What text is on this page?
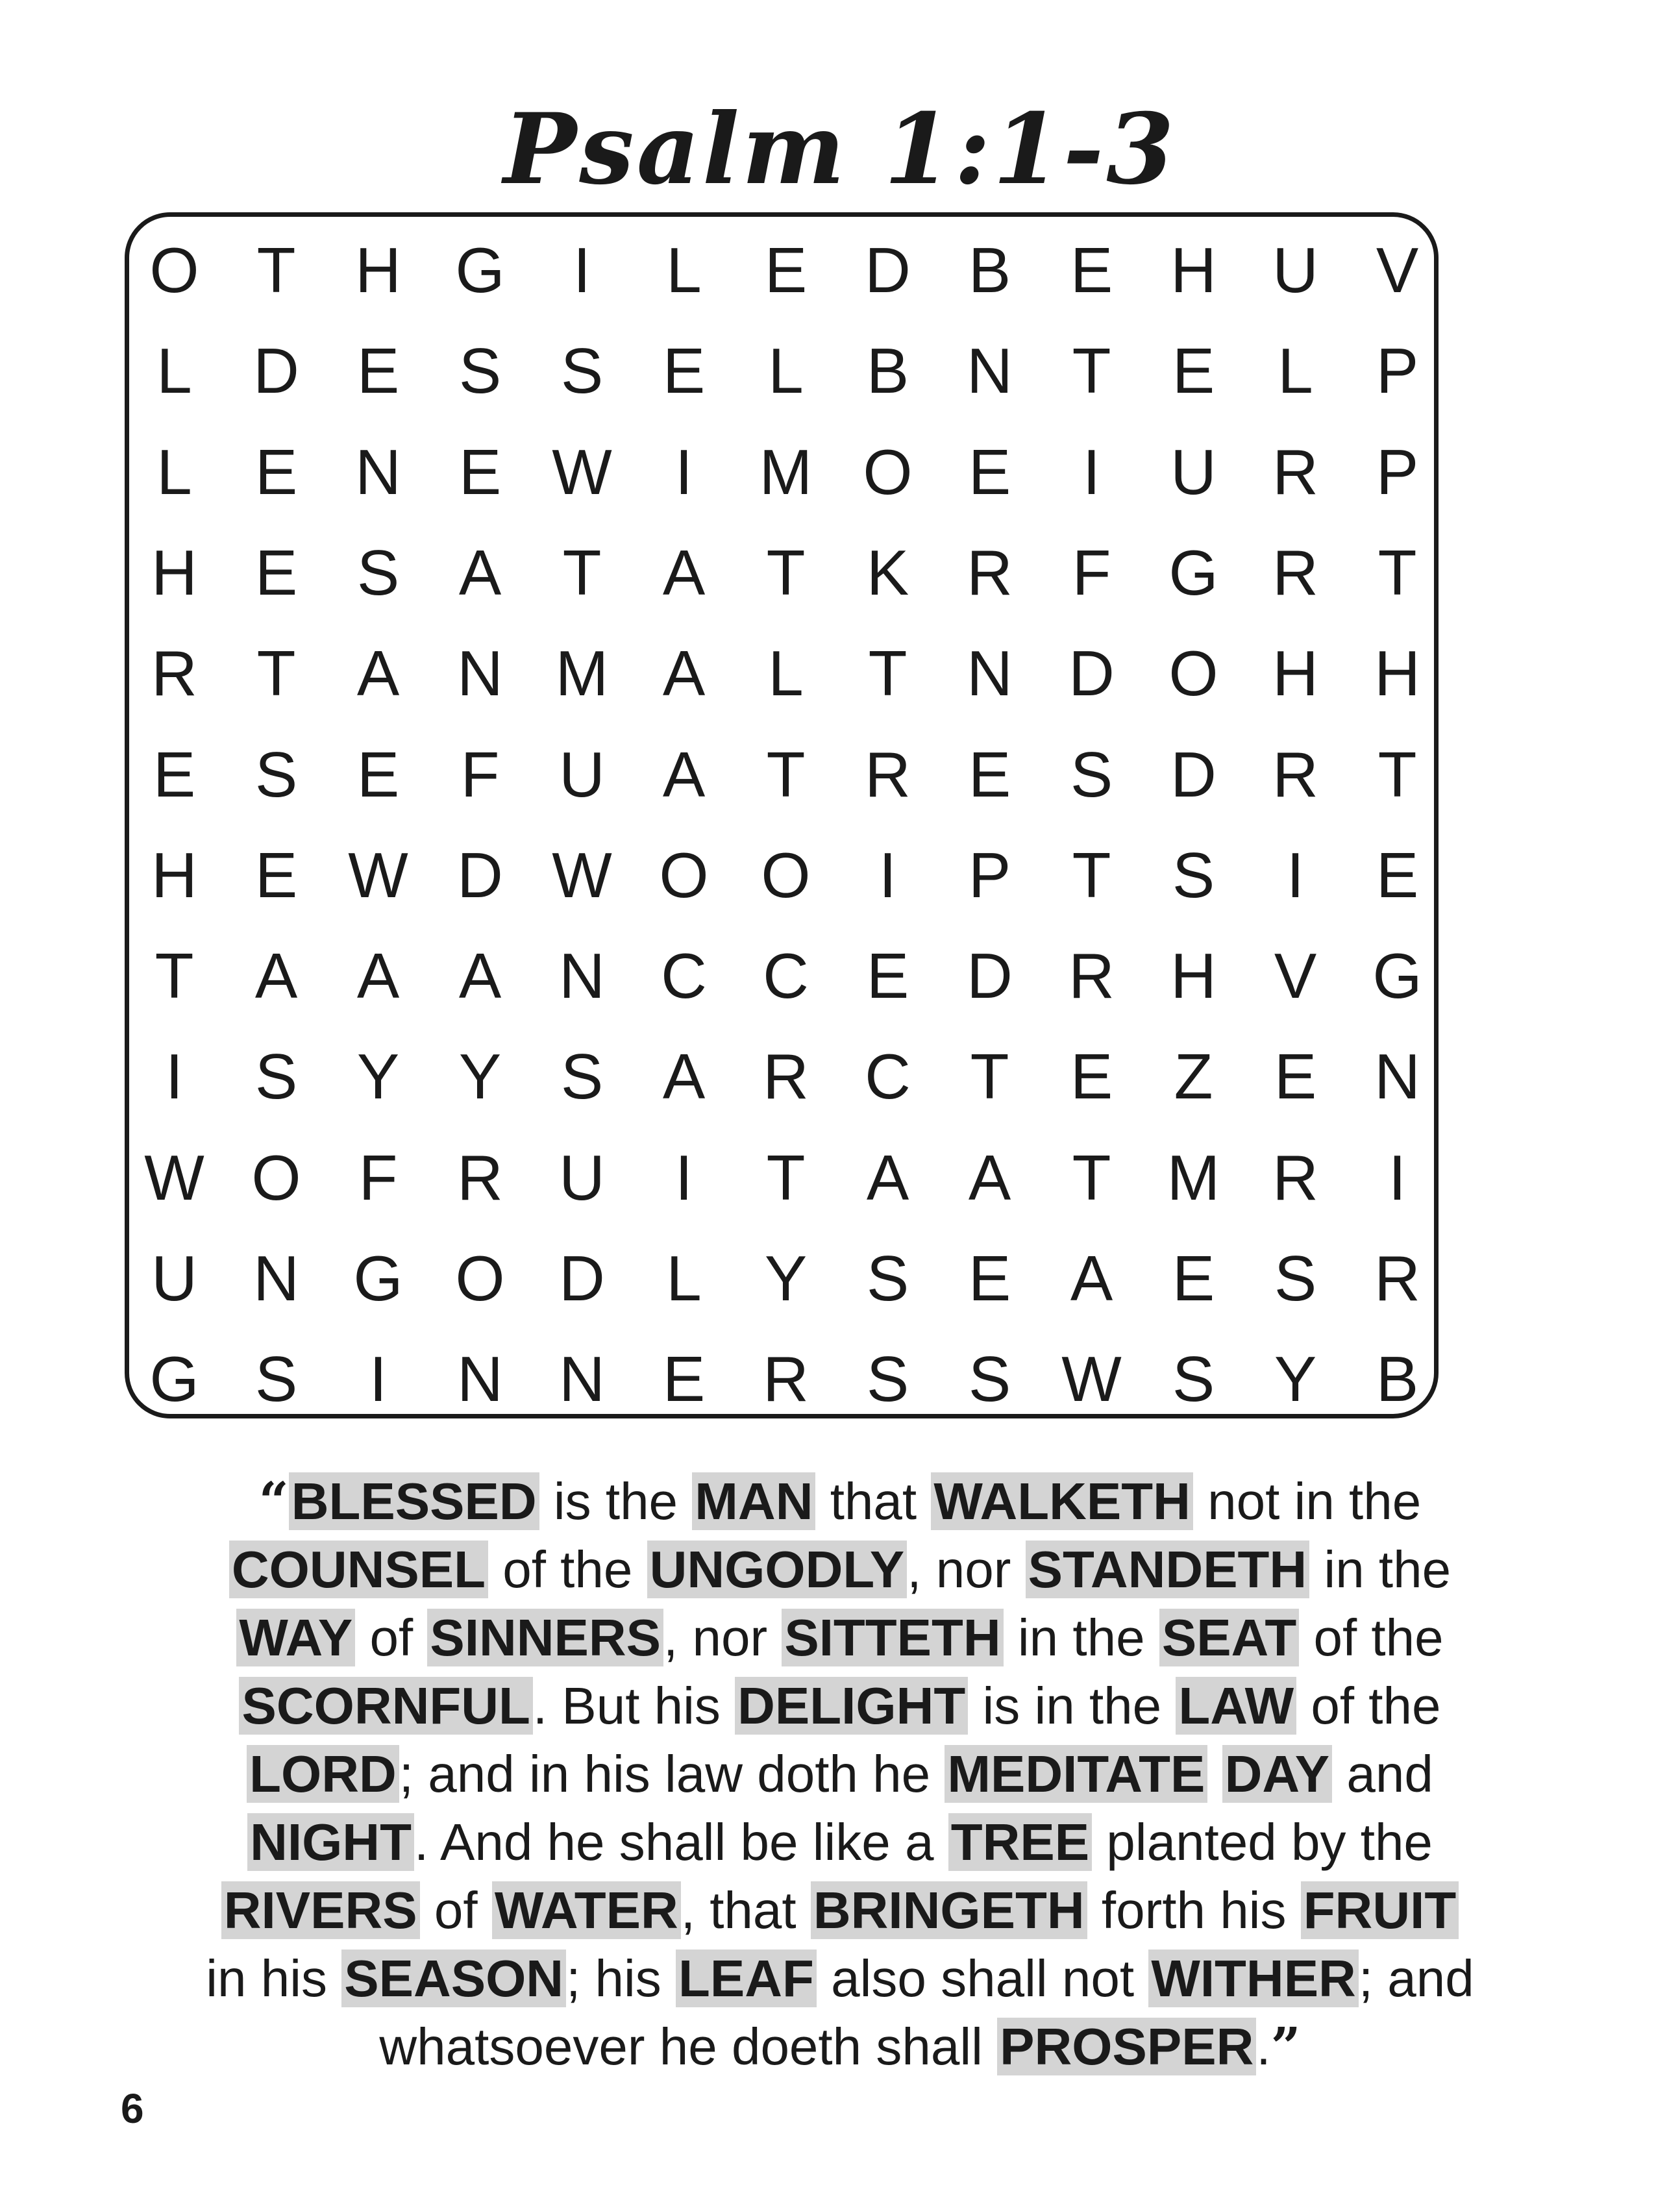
Psalm 1:1-3
O T H G	I	L E D B E H U V
L D E S S E L B N T E L P
L E N E W I	M O E	I	U R P
H E S A T A T K R F G R T
R T A N M A L	T N D O H H
E S E F U A T R E S D R T
H E W D W O O	I	P T S	I	E
T A A A N C C E D R H V G
I	S Y Y S A R C T E Z E N
W O F R U	I	T A A T M R	I
U N G O D L Y S E A E S R
G S	I	N N E R S S W S Y B
“BLESSED is the MAN that WALKETH not in the
COUNSEL of the UNGODLY, nor STANDETH in the
WAY of SINNERS, nor SITTETH in the SEAT of the
SCORNFUL. But his DELIGHT is in the LAW of the
LORD; and in his law doth he MEDITATE DAY and
NIGHT. And he shall be like a TREE planted by the
RIVERS of WATER, that BRINGETH forth his FRUIT
in his SEASON; his LEAF also shall not WITHER; and
whatsoever he doeth shall PROSPER.”
6
